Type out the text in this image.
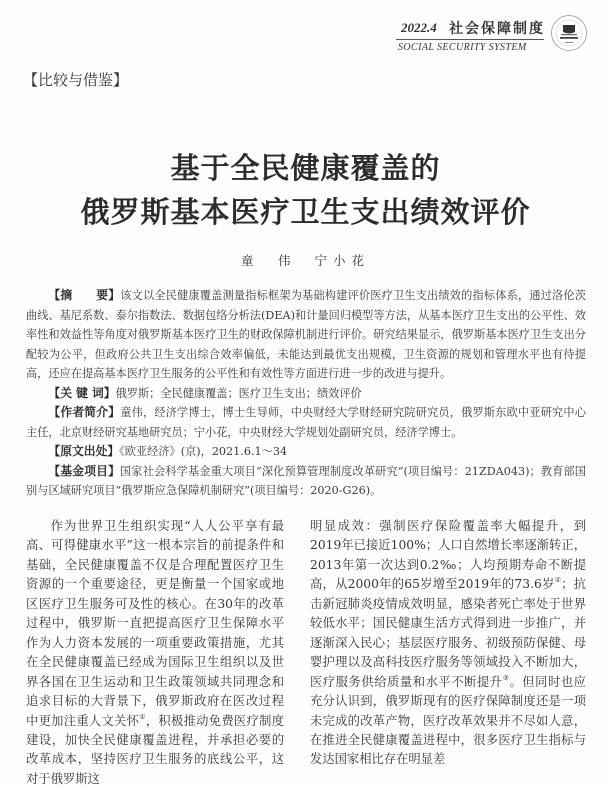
2022.4 社会保障制度
SOCIAL SECURITY SYSTEM
【比较与借鉴】
基于全民健康覆盖的
俄罗斯基本医疗卫生支出绩效评价
童　伟 宁小花

【摘　　要】该文以全民健康覆盖测量指标框架为基础构建评价医疗卫生支出绩效的指标体系，通过洛伦茨曲线、基尼系数、泰尔指数法、数据包络分析法(DEA)和计量回归模型等方法，从基本医疗卫生支出的公平性、效率性和效益性等角度对俄罗斯基本医疗卫生的财政保障机制进行评价。研究结果显示，俄罗斯基本医疗卫生支出分配较为公平，但政府公共卫生支出综合效率偏低，未能达到最优支出规模，卫生资源的规划和管理水平也有待提高，还应在提高基本医疗卫生服务的公平性和有效性等方面进行进一步的改进与提升。

【关 键 词】俄罗斯；全民健康覆盖；医疗卫生支出；绩效评价

【作者简介】童伟，经济学博士，博士生导师，中央财经大学财经研究院研究员，俄罗斯东欧中亚研究中心主任，北京财经研究基地研究员；宁小花，中央财经大学规划处副研究员，经济学博士。

【原文出处】《欧亚经济》(京)，2021.6.1～34

【基金项目】国家社会科学基金重大项目“深化预算管理制度改革研究”(项目编号：21ZDA043)；教育部国别与区域研究项目“俄罗斯应急保障机制研究”(项目编号：2020-G26)。

作为世界卫生组织实现“人人公平享有最高、可得健康水平”这一根本宗旨的前提条件和基础，全民健康覆盖不仅是合理配置医疗卫生资源的一个重要途径，更是衡量一个国家或地区医疗卫生服务可及性的核心。在30年的改革过程中，俄罗斯一直把提高医疗卫生保障水平作为人力资本发展的一项重要政策措施，尤其在全民健康覆盖已经成为国际卫生组织以及世界各国在卫生运动和卫生政策领域共同理念和追求目标的大背景下，俄罗斯政府在医改过程中更加注重人文关怀①，积极推动免费医疗制度建设，加快全民健康覆盖进程，并承担必要的改革成本，坚持医疗卫生服务的底线公平，这对于俄罗斯这

明显成效：强制医疗保险覆盖率大幅提升，到2019年已接近100%；人口自然增长率逐渐转正，2013年第一次达到0.2‰；人均预期寿命不断提高，从2000年的65岁增至2019年的73.6岁②；抗击新冠肺炎疫情成效明显，感染者死亡率处于世界较低水平；国民健康生活方式得到进一步推广，并逐渐深入民心；基层医疗服务、初级预防保健、母婴护理以及高科技医疗服务等领域投入不断加大，医疗服务供给质量和水平不断提升③。但同时也应充分认识到，俄罗斯现有的医疗保障制度还是一项未完成的改革产物，医疗改革效果并不尽如人意，在推进全民健康覆盖进程中，很多医疗卫生指标与发达国家相比存在明显差
